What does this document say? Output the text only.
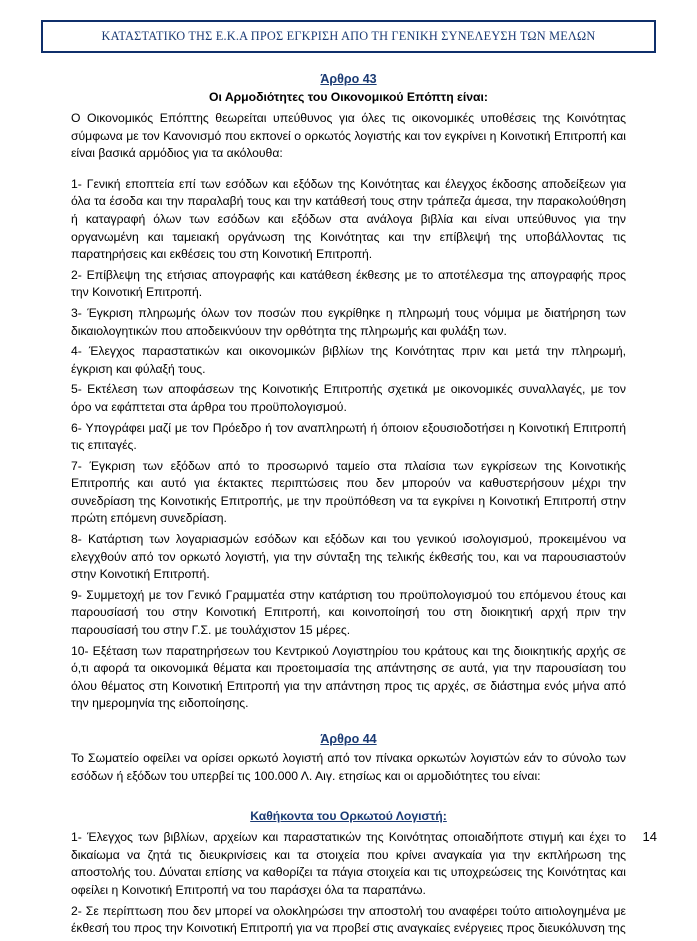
ΚΑΤΑΣΤΑΤΙΚΟ ΤΗΣ Ε.Κ.Α ΠΡΟΣ ΕΓΚΡΙΣΗ ΑΠΟ ΤΗ ΓΕΝΙΚΗ ΣΥΝΕΛΕΥΣΗ ΤΩΝ ΜΕΛΩΝ
Άρθρο 43
Οι Αρμοδιότητες του Οικονομικού Επόπτη είναι:

Ο Οικονομικός Επόπτης θεωρείται υπεύθυνος για όλες τις οικονομικές υποθέσεις της Κοινότητας σύμφωνα με τον Κανονισμό που εκπονεί ο ορκωτός λογιστής και τον εγκρίνει η Κοινοτική Επιτροπή και είναι βασικά αρμόδιος για τα ακόλουθα:

1- Γενική εποπτεία επί των εσόδων και εξόδων της Κοινότητας και έλεγχος έκδοσης αποδείξεων για όλα τα έσοδα και την παραλαβή τους και την κατάθεσή τους στην τράπεζα άμεσα, την παρακολούθηση ή καταγραφή όλων των εσόδων και εξόδων στα ανάλογα βιβλία και είναι υπεύθυνος για την οργανωμένη και ταμειακή οργάνωση της Κοινότητας και την επίβλεψή της υποβάλλοντας τις παρατηρήσεις και εκθέσεις του στη Κοινοτική Επιτροπή.

2- Επίβλεψη της ετήσιας απογραφής και κατάθεση έκθεσης με το αποτέλεσμα της απογραφής προς την Κοινοτική Επιτροπή.

3- Έγκριση πληρωμής όλων τον ποσών που εγκρίθηκε η πληρωμή τους νόμιμα με διατήρηση των δικαιολογητικών που αποδεικνύουν την ορθότητα της πληρωμής και φυλάξη των.

4- Έλεγχος παραστατικών και οικονομικών βιβλίων της Κοινότητας πριν και μετά την πληρωμή, έγκριση και φύλαξή τους.

5- Εκτέλεση των αποφάσεων της Κοινοτικής Επιτροπής σχετικά με οικονομικές συναλλαγές, με τον όρο να εφάπτεται στα άρθρα του προϋπολογισμού.

6- Υπογράφει μαζί με τον Πρόεδρο ή τον αναπληρωτή ή όποιον εξουσιοδοτήσει η Κοινοτική Επιτροπή τις επιταγές.

7- Έγκριση των εξόδων από το προσωρινό ταμείο στα πλαίσια των εγκρίσεων της Κοινοτικής Επιτροπής και αυτό για έκτακτες περιπτώσεις που δεν μπορούν να καθυστερήσουν μέχρι την συνεδρίαση της Κοινοτικής Επιτροπής, με την προϋπόθεση να τα εγκρίνει η Κοινοτική Επιτροπή στην πρώτη επόμενη συνεδρίαση.

8- Κατάρτιση των λογαριασμών εσόδων και εξόδων και του γενικού ισολογισμού, προκειμένου να ελεγχθούν από τον ορκωτό λογιστή, για την σύνταξη της τελικής έκθεσής του, και να παρουσιαστούν στην Κοινοτική Επιτροπή.

9- Συμμετοχή με τον Γενικό Γραμματέα στην κατάρτιση του προϋπολογισμού του επόμενου έτους και παρουσίασή του στην Κοινοτική Επιτροπή, και κοινοποίησή του στη διοικητική αρχή πριν την παρουσίασή του στην Γ.Σ. με τουλάχιστον 15 μέρες.

10- Εξέταση των παρατηρήσεων του Κεντρικού Λογιστηρίου του κράτους και της διοικητικής αρχής σε ό,τι αφορά τα οικονομικά θέματα και προετοιμασία της απάντησης σε αυτά, για την παρουσίαση του όλου θέματος στη Κοινοτική Επιτροπή για την απάντηση προς τις αρχές, σε διάστημα ενός μήνα από την ημερομηνία της ειδοποίησης.

Άρθρο 44

Το Σωματείο οφείλει να ορίσει ορκωτό λογιστή από τον πίνακα ορκωτών λογιστών εάν το σύνολο των εσόδων ή εξόδων του υπερβεί τις 100.000 Λ. Αιγ. ετησίως και οι αρμοδιότητες του είναι:

Καθήκοντα του Ορκωτού Λογιστή:

1- Έλεγχος των βιβλίων, αρχείων και παραστατικών της Κοινότητας οποιαδήποτε στιγμή και έχει το δικαίωμα να ζητά τις διευκρινίσεις και τα στοιχεία που κρίνει αναγκαία για την εκπλήρωση της αποστολής του. Δύναται επίσης να καθορίζει τα πάγια στοιχεία και τις υποχρεώσεις της Κοινότητας και οφείλει η Κοινοτική Επιτροπή να του παράσχει όλα τα παραπάνω.

2- Σε περίπτωση που δεν μπορεί να ολοκληρώσει την αποστολή του αναφέρει τούτο αιτιολογημένα με έκθεσή του προς την Κοινοτική Επιτροπή για να προβεί στις αναγκαίες ενέργειες προς διευκόλυνση της

14
